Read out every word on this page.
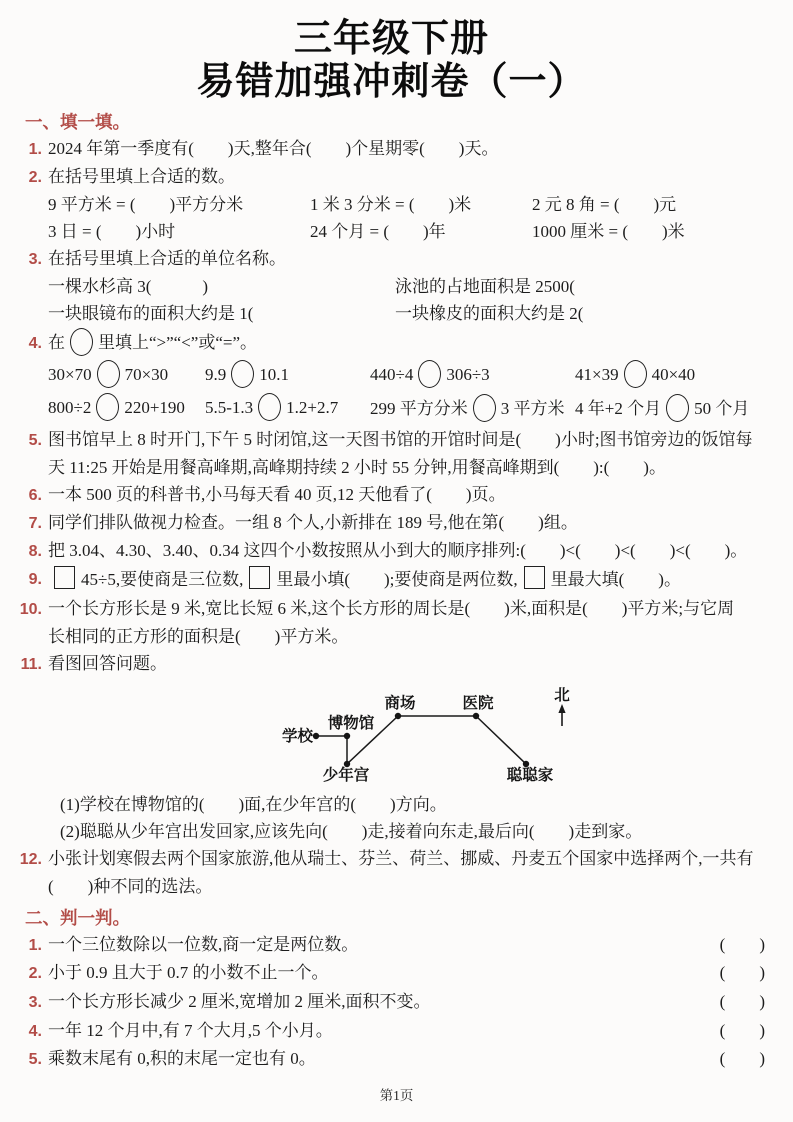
三年级下册
易错加强冲刺卷（一）
一、填一填。
1. 2024 年第一季度有(　　)天,整年合(　　)个星期零(　　)天。
2. 在括号里填上合适的数。
9 平方米 = (　　)平方分米	1 米 3 分米 = (　　)米	2 元 8 角 = (　　)元
3 日 = (　　)小时	24 个月 = (　　)年	1000 厘米 = (　　)米
3. 在括号里填上合适的单位名称。
一棵水杉高 3(　　　)	泳池的占地面积是 2500(
一块眼镜布的面积大约是 1(	一块橡皮的面积大约是 2(
4. 在 里填上“>”“<”或“=”。
30×70 70×30	9.9 10.1	440÷4 306÷3	41×39 40×40
800÷2 220+190	5.5-1.3 1.2+2.7	299 平方分米 3 平方米 4 年+2 个月 50 个月
5. 图书馆早上 8 时开门,下午 5 时闭馆,这一天图书馆的开馆时间是(　　)小时;图书馆旁边的饭馆每
天 11:25 开始是用餐高峰期,高峰期持续 2 小时 55 分钟,用餐高峰期到(　　):(　　)。
6. 一本 500 页的科普书,小马每天看 40 页,12 天他看了(　　)页。
7. 同学们排队做视力检查。一组 8 个人,小新排在 189 号,他在第(　　)组。
8. 把 3.04、4.30、3.40、0.34 这四个小数按照从小到大的顺序排列:(　　)<(　　)<(　　)<(　　)。
9.	45÷5,要使商是三位数, 里最小填(　　);要使商是两位数, 里最大填(　　)。
10. 一个长方形长是 9 米,宽比长短 6 米,这个长方形的周长是(　　)米,面积是(　　)平方米;与它周
长相同的正方形的面积是(　　)平方米。
11. 看图回答问题。
学校
博物馆
少年宫
商场	医院
聪聪家
北
(1)学校在博物馆的(　　)面,在少年宫的(　　)方向。
(2)聪聪从少年宫出发回家,应该先向(　　)走,接着向东走,最后向(　　)走到家。
12. 小张计划寒假去两个国家旅游,他从瑞士、芬兰、荷兰、挪威、丹麦五个国家中选择两个,一共有
(　　)种不同的选法。
二、判一判。
1. 一个三位数除以一位数,商一定是两位数。	(　　)
2. 小于 0.9 且大于 0.7 的小数不止一个。	(　　)
3. 一个长方形长减少 2 厘米,宽增加 2 厘米,面积不变。	(　　)
4. 一年 12 个月中,有 7 个大月,5 个小月。	(　　)
5. 乘数末尾有 0,积的末尾一定也有 0。	(　　)
第1页
